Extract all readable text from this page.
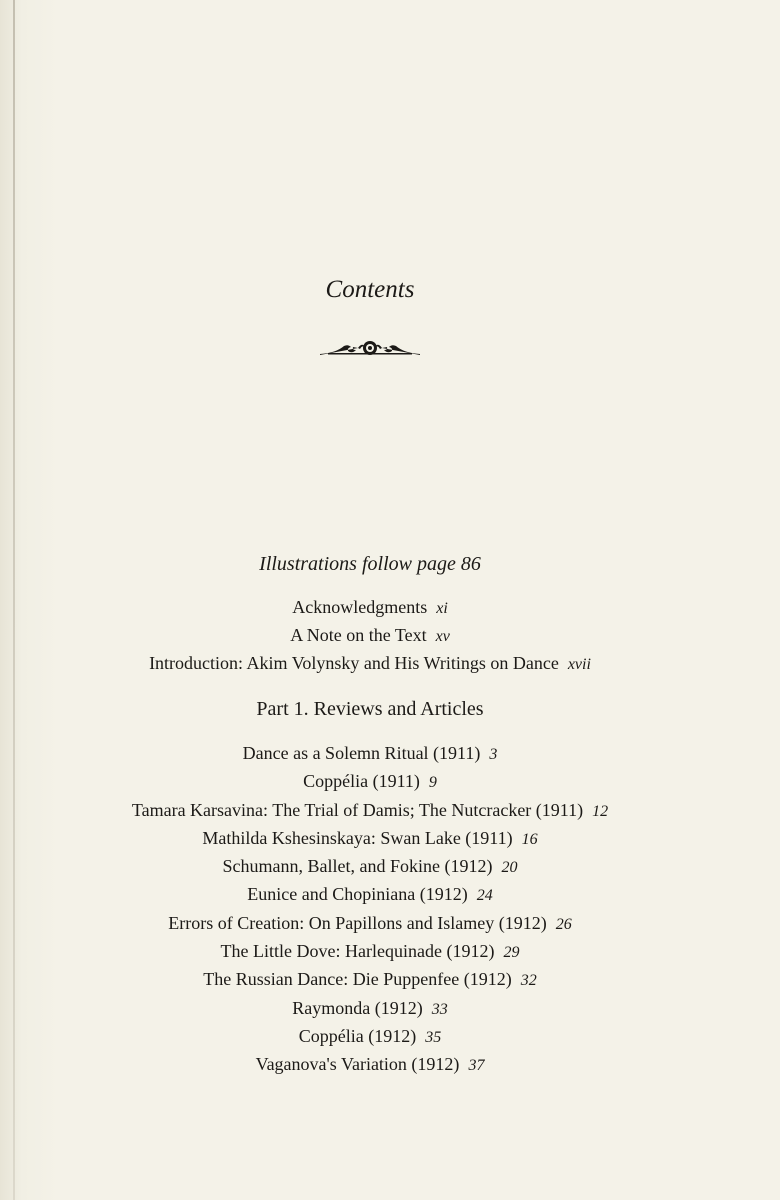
Contents
Illustrations follow page 86
Acknowledgments xi
A Note on the Text xv
Introduction: Akim Volynsky and His Writings on Dance xvii
Part 1. Reviews and Articles
Dance as a Solemn Ritual (1911) 3
Coppélia (1911) 9
Tamara Karsavina: The Trial of Damis; The Nutcracker (1911) 12
Mathilda Kshesinskaya: Swan Lake (1911) 16
Schumann, Ballet, and Fokine (1912) 20
Eunice and Chopiniana (1912) 24
Errors of Creation: On Papillons and Islamey (1912) 26
The Little Dove: Harlequinade (1912) 29
The Russian Dance: Die Puppenfee (1912) 32
Raymonda (1912) 33
Coppélia (1912) 35
Vaganova's Variation (1912) 37
